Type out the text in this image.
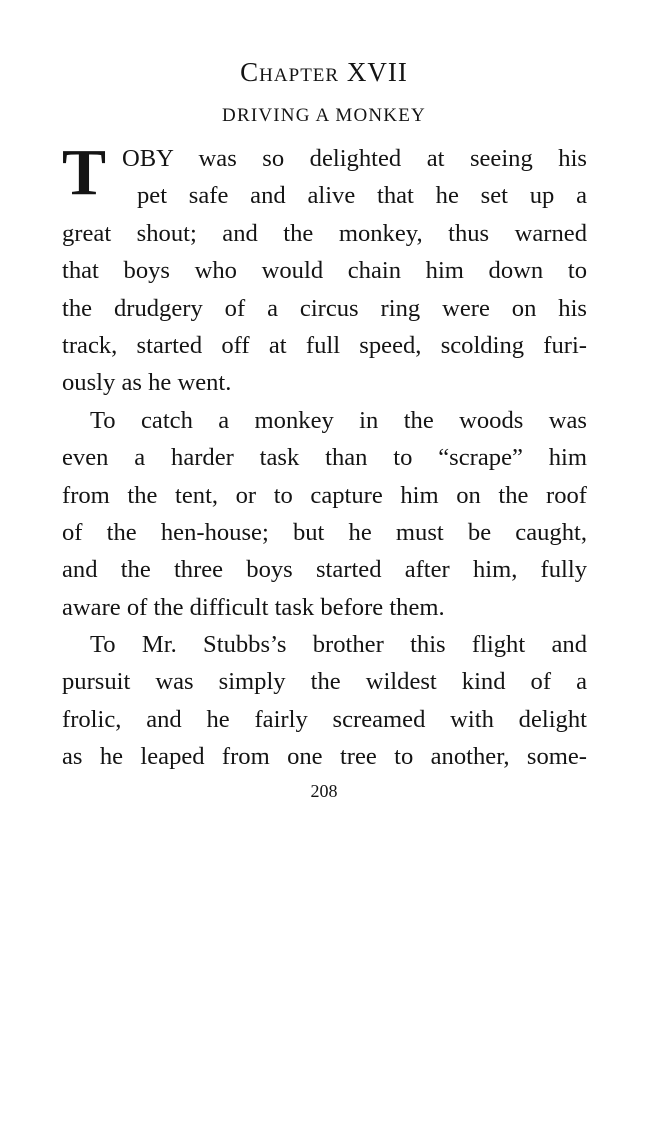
Chapter XVII
DRIVING A MONKEY
T OBY was so delighted at seeing his
pet safe and alive that he set up a
great shout; and the monkey, thus warned
that boys who would chain him down to
the drudgery of a circus ring were on his
track, started off at full speed, scolding furi-
ously as he went.
To catch a monkey in the woods was
even a harder task than to “scrape” him
from the tent, or to capture him on the roof
of the hen-house; but he must be caught,
and the three boys started after him, fully
aware of the difficult task before them.
To Mr. Stubbs’s brother this flight and
pursuit was simply the wildest kind of a
frolic, and he fairly screamed with delight
as he leaped from one tree to another, some-
208
